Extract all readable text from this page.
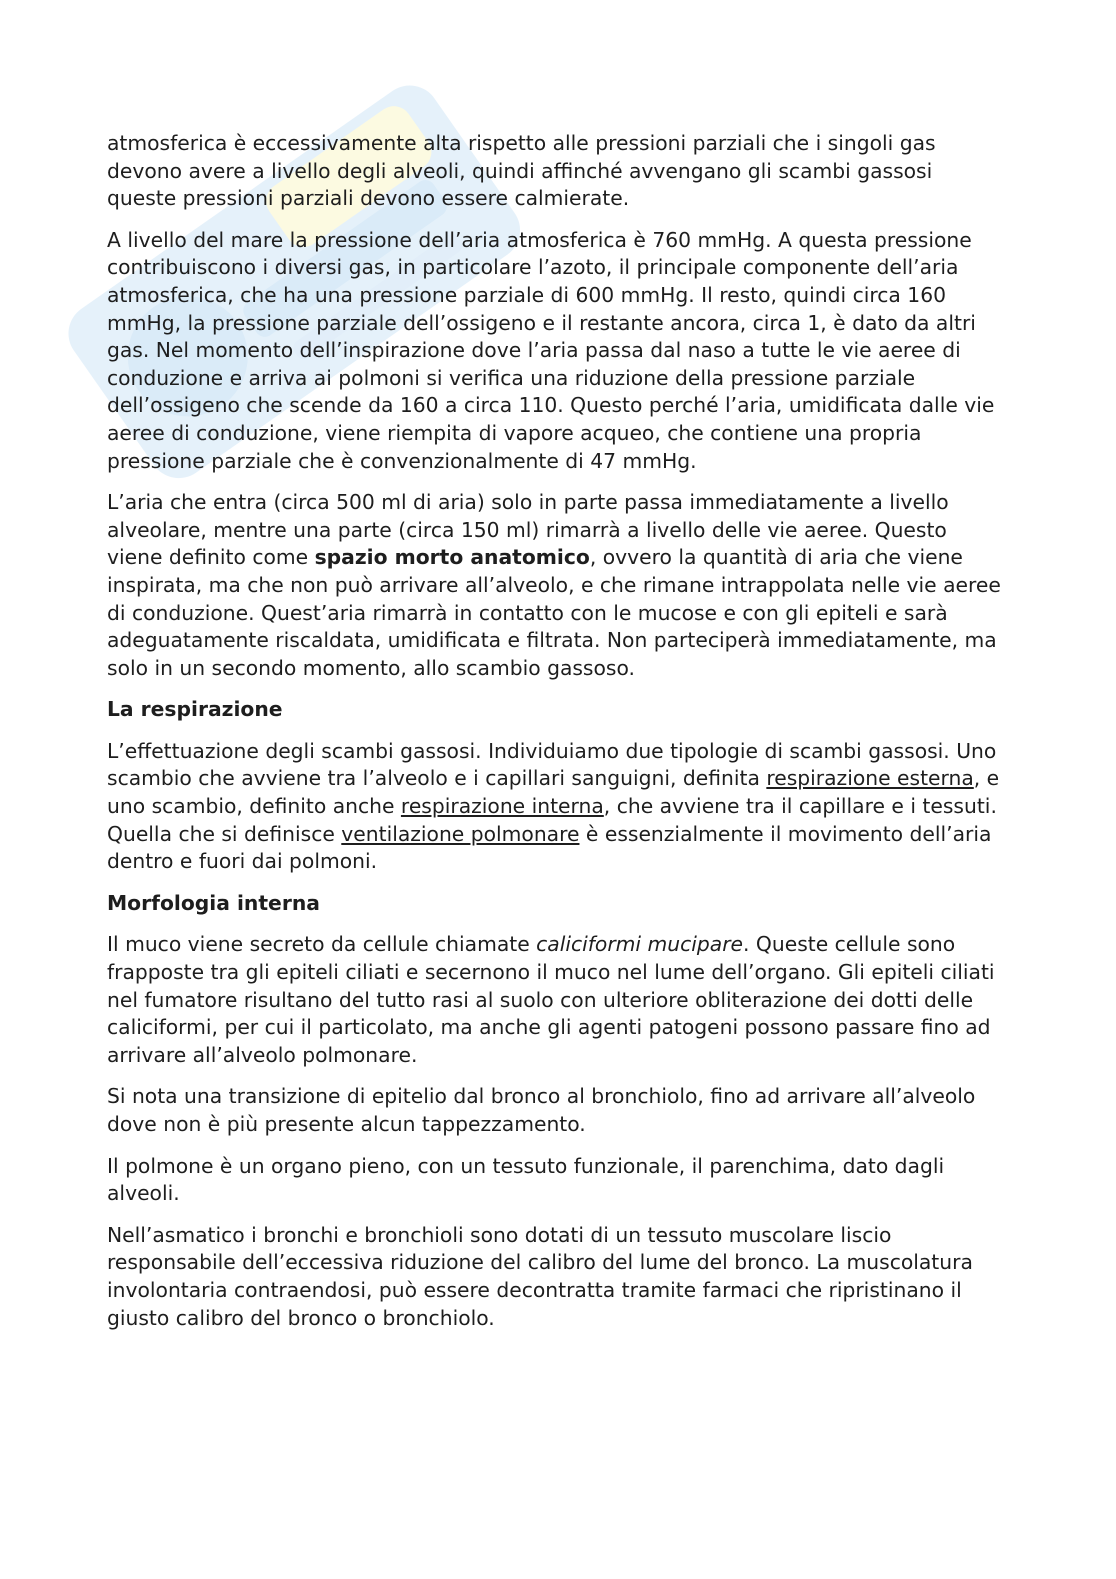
atmosferica è eccessivamente alta rispetto alle pressioni parziali che i singoli gas devono avere a livello degli alveoli, quindi affinché avvengano gli scambi gassosi queste pressioni parziali devono essere calmierate.

A livello del mare la pressione dell’aria atmosferica è 760 mmHg. A questa pressione contribuiscono i diversi gas, in particolare l’azoto, il principale componente dell’aria atmosferica, che ha una pressione parziale di 600 mmHg. Il resto, quindi circa 160 mmHg, la pressione parziale dell’ossigeno e il restante ancora, circa 1, è dato da altri gas. Nel momento dell’inspirazione dove l’aria passa dal naso a tutte le vie aeree di conduzione e arriva ai polmoni si verifica una riduzione della pressione parziale dell’ossigeno che scende da 160 a circa 110. Questo perché l’aria, umidificata dalle vie aeree di conduzione, viene riempita di vapore acqueo, che contiene una propria pressione parziale che è convenzionalmente di 47 mmHg.

L’aria che entra (circa 500 ml di aria) solo in parte passa immediatamente a livello alveolare, mentre una parte (circa 150 ml) rimarrà a livello delle vie aeree. Questo viene definito come spazio morto anatomico, ovvero la quantità di aria che viene inspirata, ma che non può arrivare all’alveolo, e che rimane intrappolata nelle vie aeree di conduzione. Quest’aria rimarrà in contatto con le mucose e con gli epiteli e sarà adeguatamente riscaldata, umidificata e filtrata. Non parteciperà immediatamente, ma solo in un secondo momento, allo scambio gassoso.

La respirazione

L’effettuazione degli scambi gassosi. Individuiamo due tipologie di scambi gassosi. Uno scambio che avviene tra l’alveolo e i capillari sanguigni, definita respirazione esterna, e uno scambio, definito anche respirazione interna, che avviene tra il capillare e i tessuti. Quella che si definisce ventilazione polmonare è essenzialmente il movimento dell’aria dentro e fuori dai polmoni.

Morfologia interna

Il muco viene secreto da cellule chiamate caliciformi mucipare. Queste cellule sono frapposte tra gli epiteli ciliati e secernono il muco nel lume dell’organo. Gli epiteli ciliati nel fumatore risultano del tutto rasi al suolo con ulteriore obliterazione dei dotti delle caliciformi, per cui il particolato, ma anche gli agenti patogeni possono passare fino ad arrivare all’alveolo polmonare.

Si nota una transizione di epitelio dal bronco al bronchiolo, fino ad arrivare all’alveolo dove non è più presente alcun tappezzamento.

Il polmone è un organo pieno, con un tessuto funzionale, il parenchima, dato dagli alveoli.

Nell’asmatico i bronchi e bronchioli sono dotati di un tessuto muscolare liscio responsabile dell’eccessiva riduzione del calibro del lume del bronco. La muscolatura involontaria contraendosi, può essere decontratta tramite farmaci che ripristinano il giusto calibro del bronco o bronchiolo.
